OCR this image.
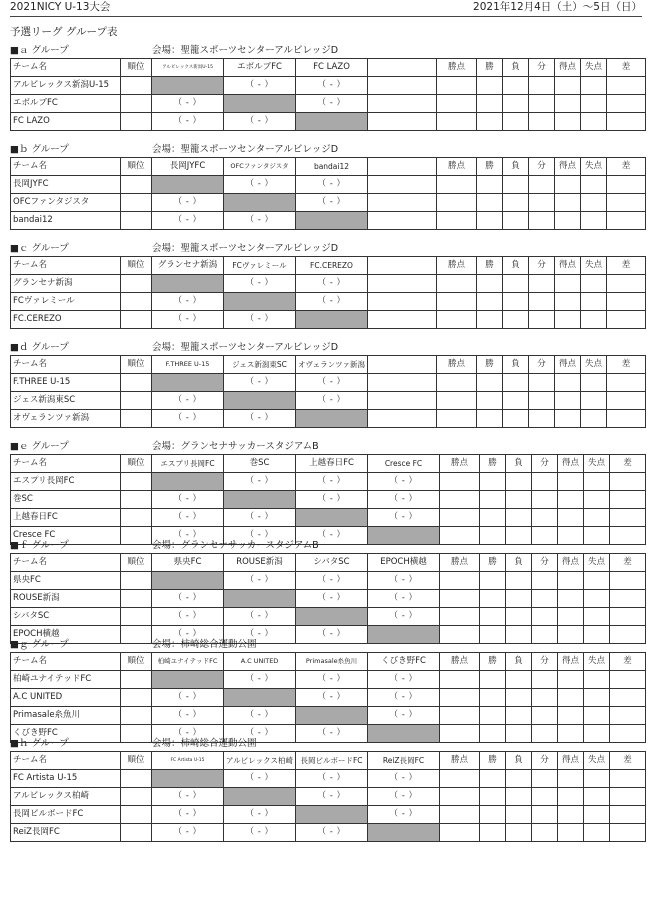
2021NICY U-13大会	2021年12月4日（土）～5日（日）
予選リーグ グループ表
■ａ グループ	会場：聖籠スポーツセンターアルビレッジD
チーム名	順位	アルビレックス新潟U-15	エボルブFC	FC LAZO		勝点	勝	負	分	得点	失点	差
アルビレックス新潟U-15			（ - ）	（ - ）								
エボルブFC		（ - ）		（ - ）								
FC LAZO		（ - ）	（ - ）									
■ｂ グループ	会場：聖籠スポーツセンターアルビレッジD
チーム名	順位	長岡JYFC	OFCファンタジスタ	bandai12		勝点	勝	負	分	得点	失点	差
長岡JYFC			（ - ）	（ - ）								
OFCファンタジスタ		（ - ）		（ - ）								
bandai12		（ - ）	（ - ）									
■ｃ グループ	会場：聖籠スポーツセンターアルビレッジD
チーム名	順位	グランセナ新潟	FCヴァレミール	FC.CEREZO		勝点	勝	負	分	得点	失点	差
グランセナ新潟			（ - ）	（ - ）								
FCヴァレミール		（ - ）		（ - ）								
FC.CEREZO		（ - ）	（ - ）									
■ｄ グループ	会場：聖籠スポーツセンターアルビレッジD
チーム名	順位	F.THREE U-15	ジェス新潟東SC	オヴェランツァ新潟		勝点	勝	負	分	得点	失点	差
F.THREE U-15			（ - ）	（ - ）								
ジェス新潟東SC		（ - ）		（ - ）								
オヴェランツァ新潟		（ - ）	（ - ）									
■ｅ グループ	会場：グランセナサッカースタジアムB
チーム名	順位	エスプリ長岡FC	巻SC	上越春日FC	Cresce FC	勝点	勝	負	分	得点	失点	差
エスプリ長岡FC			（ - ）	（ - ）	（ - ）							
巻SC		（ - ）		（ - ）	（ - ）							
上越春日FC		（ - ）	（ - ）		（ - ）							
Cresce FC		（ - ）	（ - ）	（ - ）								
■ｆ グループ	会場：グランセナサッカースタジアムB
チーム名	順位	県央FC	ROUSE新潟	シバタSC	EPOCH横越	勝点	勝	負	分	得点	失点	差
県央FC			（ - ）	（ - ）	（ - ）							
ROUSE新潟		（ - ）		（ - ）	（ - ）							
シバタSC		（ - ）	（ - ）		（ - ）							
EPOCH横越		（ - ）	（ - ）	（ - ）								
■ｇ グループ	会場：柿崎総合運動公園
チーム名	順位	柏崎ユナイテッドFC	A.C UNITED	Primasale糸魚川	くびき野FC	勝点	勝	負	分	得点	失点	差
柏崎ユナイテッドFC			（ - ）	（ - ）	（ - ）							
A.C UNITED		（ - ）		（ - ）	（ - ）							
Primasale糸魚川		（ - ）	（ - ）		（ - ）							
くびき野FC		（ - ）	（ - ）	（ - ）								
■ｈ グループ	会場：柿崎総合運動公園
チーム名	順位	FC Artista U-15	アルビレックス柏崎	長岡ビルボードFC	ReiZ長岡FC	勝点	勝	負	分	得点	失点	差
FC Artista U-15			（ - ）	（ - ）	（ - ）							
アルビレックス柏崎		（ - ）		（ - ）	（ - ）							
長岡ビルボードFC		（ - ）	（ - ）		（ - ）							
ReiZ長岡FC		（ - ）	（ - ）	（ - ）								
